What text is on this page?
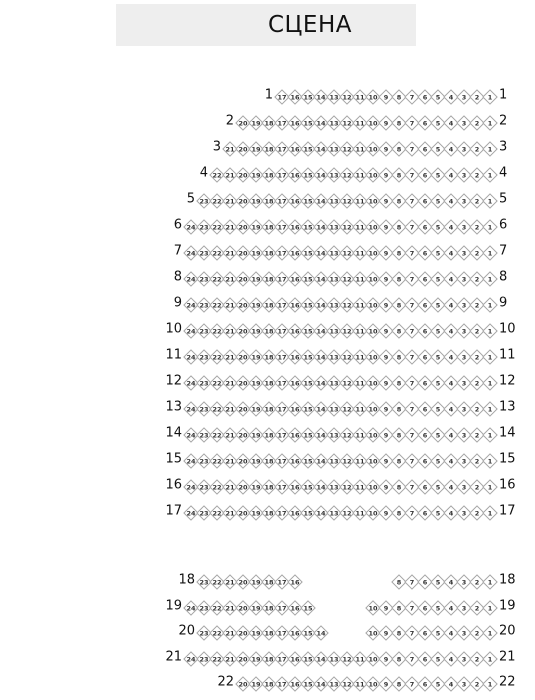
СЦЕНА
17 16 15 14 13 12 11 10 9 8 7 6 5 4 3 2 1
1	1
20 19 18 17 16 15 14 13 12 11 10 9 8 7 6 5 4 3 2 1
2	2
21 20 19 18 17 16 15 14 13 12 11 10 9 8 7 6 5 4 3 2 1
3	3
22 21 20 19 18 17 16 15 14 13 12 11 10 9 8 7 6 5 4 3 2 1
4	4
23 22 21 20 19 18 17 16 15 14 13 12 11 10 9 8 7 6 5 4 3 2 1
5	5
24 23 22 21 20 19 18 17 16 15 14 13 12 11 10 9 8 7 6 5 4 3 2 1
6	6
24 23 22 21 20 19 18 17 16 15 14 13 12 11 10 9 8 7 6 5 4 3 2 1
7	7
24 23 22 21 20 19 18 17 16 15 14 13 12 11 10 9 8 7 6 5 4 3 2 1
8	8
24 23 22 21 20 19 18 17 16 15 14 13 12 11 10 9 8 7 6 5 4 3 2 1
9	9
24 23 22 21 20 19 18 17 16 15 14 13 12 11 10 9 8 7 6 5 4 3 2 1
10	10
24 23 22 21 20 19 18 17 16 15 14 13 12 11 10 9 8 7 6 5 4 3 2 1
11	11
24 23 22 21 20 19 18 17 16 15 14 13 12 11 10 9 8 7 6 5 4 3 2 1
12	12
24 23 22 21 20 19 18 17 16 15 14 13 12 11 10 9 8 7 6 5 4 3 2 1
13	13
24 23 22 21 20 19 18 17 16 15 14 13 12 11 10 9 8 7 6 5 4 3 2 1
14	14
24 23 22 21 20 19 18 17 16 15 14 13 12 11 10 9 8 7 6 5 4 3 2 1
15	15
24 23 22 21 20 19 18 17 16 15 14 13 12 11 10 9 8 7 6 5 4 3 2 1
16	16
24 23 22 21 20 19 18 17 16 15 14 13 12 11 10 9 8 7 6 5 4 3 2 1
17	17
23 22 21 20 19 18 17 16	8 7 6 5 4 3 2 1
18	18
24 23 22 21 20 19 18 17 16 15	10 9 8 7 6 5 4 3 2 1
19	19
23 22 21 20 19 18 17 16 15 14	10 9 8 7 6 5 4 3 2 1
20	20
24 23 22 21 20 19 18 17 16 15 14 13 12 11 10 9 8 7 6 5 4 3 2 1
21	21
20 19 18 17 16 15 14 13 12 11 10 9 8 7 6 5 4 3 2 1
22	22
